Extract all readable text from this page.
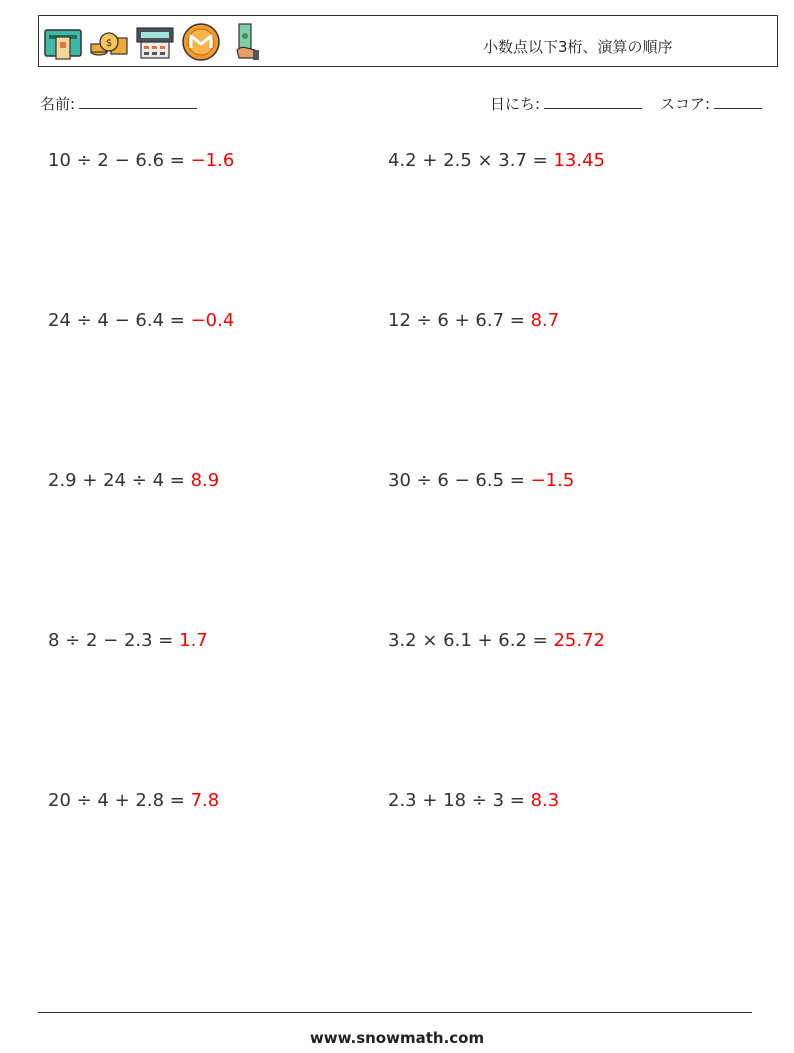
$	小数点以下3桁、演算の順序
名前:	日にち:	スコア:
10 ÷ 2 − 6.6 = −1.6	4.2 + 2.5 × 3.7 = 13.45
24 ÷ 4 − 6.4 = −0.4	12 ÷ 6 + 6.7 = 8.7
2.9 + 24 ÷ 4 = 8.9	30 ÷ 6 − 6.5 = −1.5
8 ÷ 2 − 2.3 = 1.7	3.2 × 6.1 + 6.2 = 25.72
20 ÷ 4 + 2.8 = 7.8	2.3 + 18 ÷ 3 = 8.3
www.snowmath.com
